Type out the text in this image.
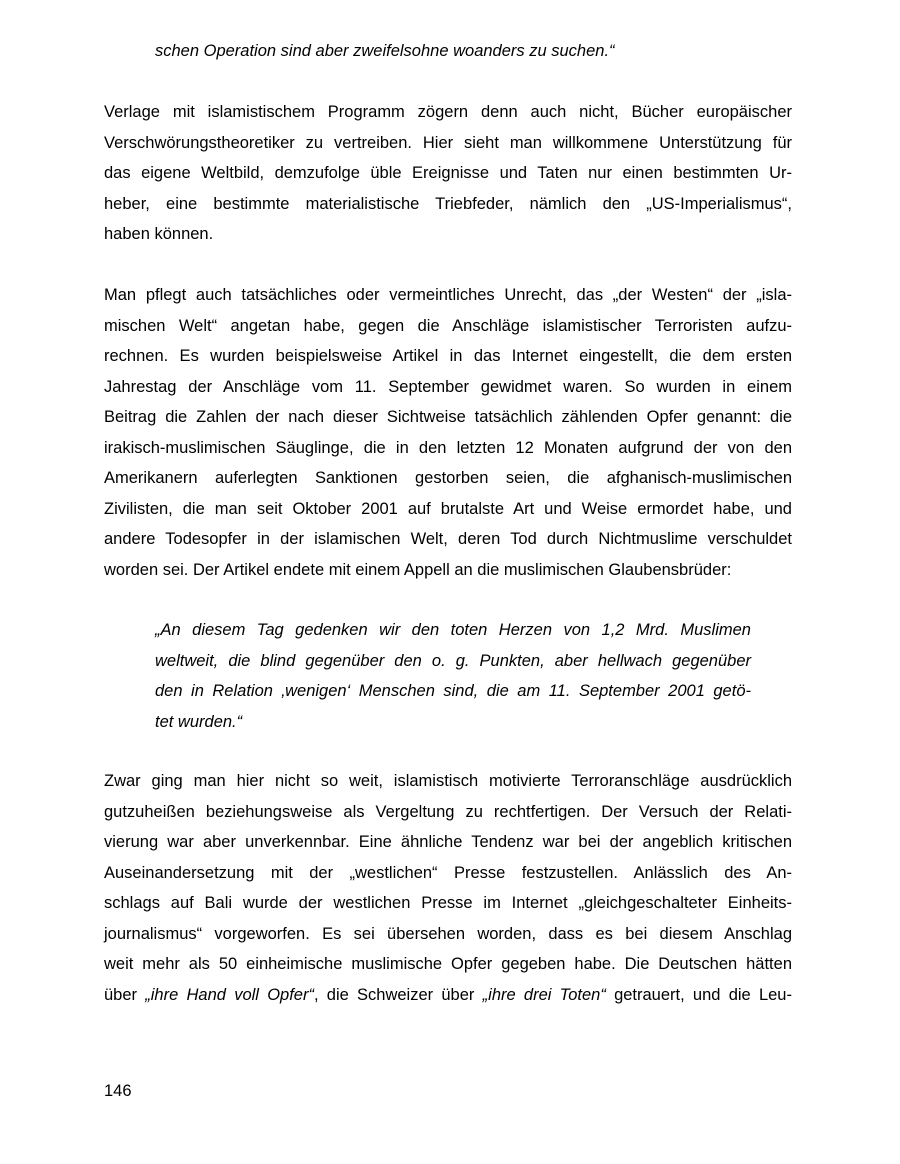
schen Operation sind aber zweifelsohne woanders zu suchen.“
Verlage mit islamistischem Programm zögern denn auch nicht, Bücher europäischer
Verschwörungstheoretiker zu vertreiben. Hier sieht man willkommene Unterstützung für
das eigene Weltbild, demzufolge üble Ereignisse und Taten nur einen bestimmten Ur-
heber, eine bestimmte materialistische Triebfeder, nämlich den „US-Imperialismus“,
haben können.
Man pflegt auch tatsächliches oder vermeintliches Unrecht, das „der Westen“ der „isla-
mischen Welt“ angetan habe, gegen die Anschläge islamistischer Terroristen aufzu-
rechnen. Es wurden beispielsweise Artikel in das Internet eingestellt, die dem ersten
Jahrestag der Anschläge vom 11. September gewidmet waren. So wurden in einem
Beitrag die Zahlen der nach dieser Sichtweise tatsächlich zählenden Opfer genannt: die
irakisch-muslimischen Säuglinge, die in den letzten 12 Monaten aufgrund der von den
Amerikanern auferlegten Sanktionen gestorben seien, die afghanisch-muslimischen
Zivilisten, die man seit Oktober 2001 auf brutalste Art und Weise ermordet habe, und
andere Todesopfer in der islamischen Welt, deren Tod durch Nichtmuslime verschuldet
worden sei. Der Artikel endete mit einem Appell an die muslimischen Glaubensbrüder:
„An diesem Tag gedenken wir den toten Herzen von 1,2 Mrd. Muslimen
weltweit, die blind gegenüber den o. g. Punkten, aber hellwach gegenüber
den in Relation ‚wenigen‘ Menschen sind, die am 11. September 2001 getö-
tet wurden.“
Zwar ging man hier nicht so weit, islamistisch motivierte Terroranschläge ausdrücklich
gutzuheißen beziehungsweise als Vergeltung zu rechtfertigen. Der Versuch der Relati-
vierung war aber unverkennbar. Eine ähnliche Tendenz war bei der angeblich kritischen
Auseinandersetzung mit der „westlichen“ Presse festzustellen. Anlässlich des An-
schlags auf Bali wurde der westlichen Presse im Internet „gleichgeschalteter Einheits-
journalismus“ vorgeworfen. Es sei übersehen worden, dass es bei diesem Anschlag
weit mehr als 50 einheimische muslimische Opfer gegeben habe. Die Deutschen hätten
über „ihre Hand voll Opfer“, die Schweizer über „ihre drei Toten“ getrauert, und die Leu-
146
